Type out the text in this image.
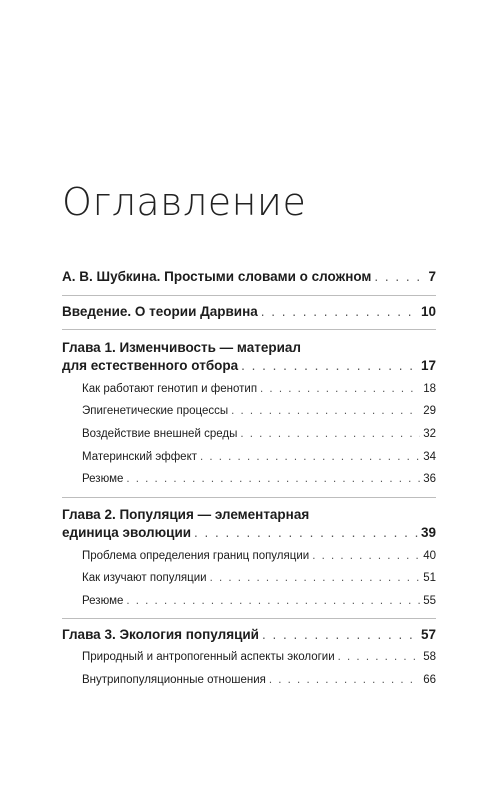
Оглавление
А. В. Шубкина. Простыми словами о сложном . . .	7
Введение. О теории Дарвина . . .	10
Глава 1. Изменчивость — материал
для естественного отбора . . .	17
Как работают генотип и фенотип . . .	18
Эпигенетические процессы . . .	29
Воздействие внешней среды . . .	32
Материнский эффект . . .	34
Резюме . . .	36
Глава 2. Популяция — элементарная
единица эволюции . . .	39
Проблема определения границ популяции . . .	40
Как изучают популяции . . .	51
Резюме . . .	55
Глава 3. Экология популяций . . .	57
Природный и антропогенный аспекты экологии . . .	58
Внутрипопуляционные отношения . . .	66
